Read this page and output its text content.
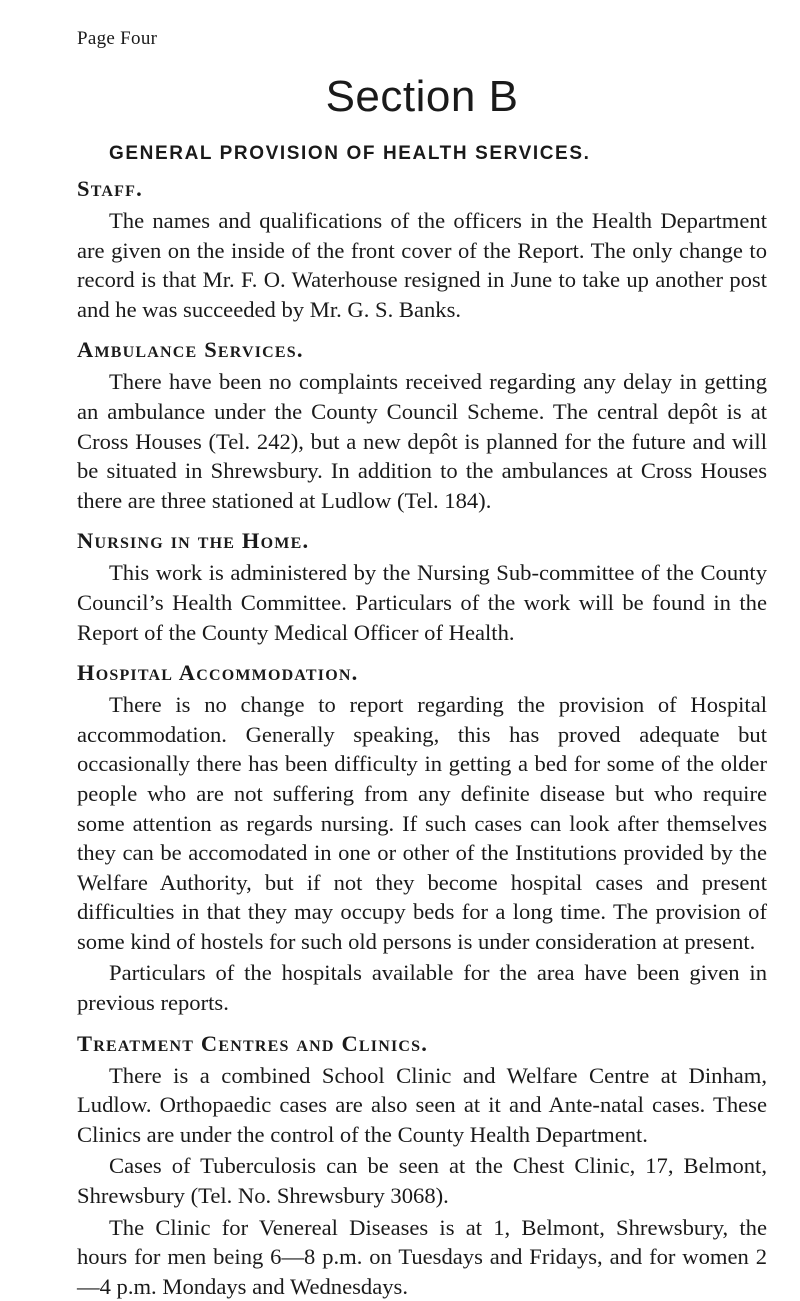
Page Four
Section B
GENERAL PROVISION OF HEALTH SERVICES.
Staff.

The names and qualifications of the officers in the Health Department are given on the inside of the front cover of the Report. The only change to record is that Mr. F. O. Waterhouse resigned in June to take up another post and he was succeeded by Mr. G. S. Banks.

Ambulance Services.

There have been no complaints received regarding any delay in getting an ambulance under the County Council Scheme. The central depôt is at Cross Houses (Tel. 242), but a new depôt is planned for the future and will be situated in Shrewsbury. In addition to the ambulances at Cross Houses there are three stationed at Ludlow (Tel. 184).

Nursing in the Home.

This work is administered by the Nursing Sub-committee of the County Council’s Health Committee. Particulars of the work will be found in the Report of the County Medical Officer of Health.

Hospital Accommodation.

There is no change to report regarding the provision of Hospital accommodation. Generally speaking, this has proved adequate but occasionally there has been difficulty in getting a bed for some of the older people who are not suffering from any definite disease but who require some attention as regards nursing. If such cases can look after themselves they can be accomodated in one or other of the Institutions provided by the Welfare Authority, but if not they become hospital cases and present difficulties in that they may occupy beds for a long time. The provision of some kind of hostels for such old persons is under consideration at present.

Particulars of the hospitals available for the area have been given in previous reports.

Treatment Centres and Clinics.

There is a combined School Clinic and Welfare Centre at Dinham, Ludlow. Orthopaedic cases are also seen at it and Ante-natal cases. These Clinics are under the control of the County Health Department.

Cases of Tuberculosis can be seen at the Chest Clinic, 17, Belmont, Shrewsbury (Tel. No. Shrewsbury 3068).

The Clinic for Venereal Diseases is at 1, Belmont, Shrewsbury, the hours for men being 6—8 p.m. on Tuesdays and Fridays, and for women 2—4 p.m. Mondays and Wednesdays.
